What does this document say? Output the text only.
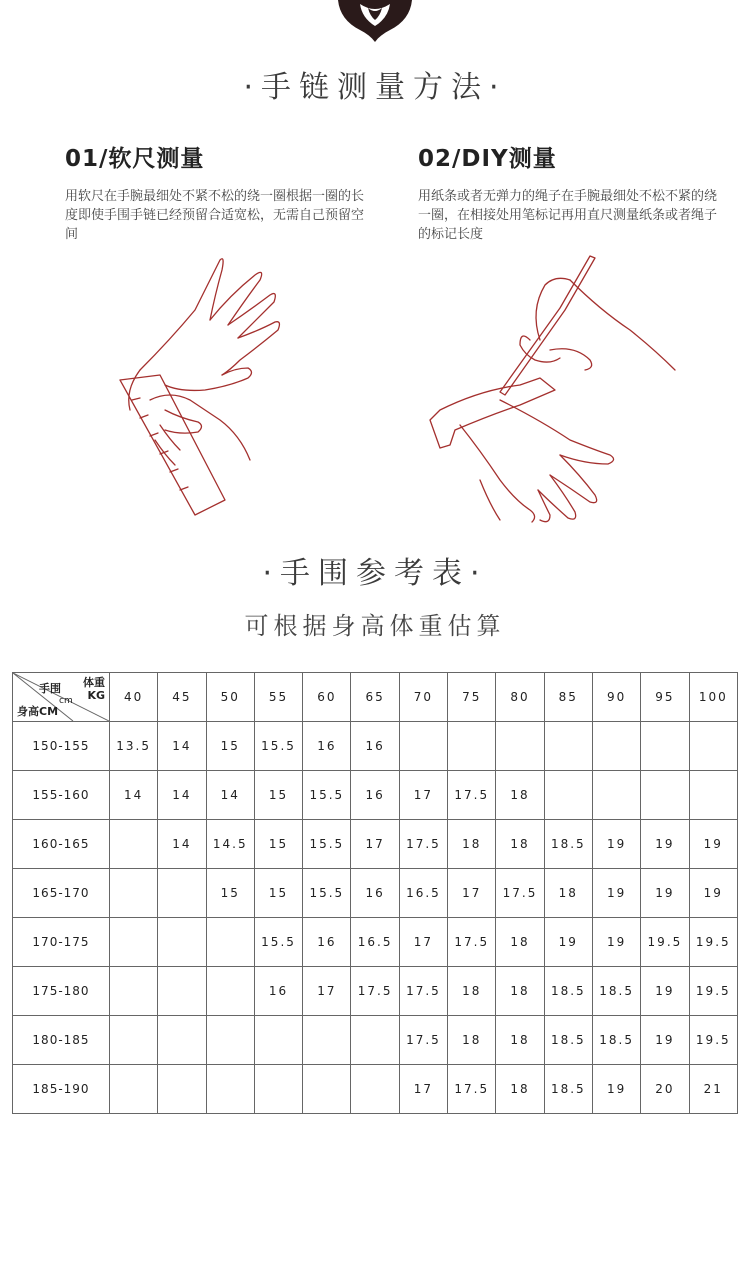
·手链测量方法·
01/软尺测量

用软尺在手腕最细处不紧不松的绕一圈根据一圈的长度即使手围手链已经预留合适宽松，无需自己预留空间

02/DIY测量

用纸条或者无弹力的绳子在手腕最细处不松不紧的绕一圈，在相接处用笔标记再用直尺测量纸条或者绳子的标记长度

·手围参考表·
可根据身高体重估算
体重
KG
手围
cm
身高CM	40	45	50	55	60	65	70	75	80	85	90	95	100
150-155	13.5	14	15	15.5	16	16							
155-160	14	14	14	15	15.5	16	17	17.5	18				
160-165		14	14.5	15	15.5	17	17.5	18	18	18.5	19	19	19
165-170			15	15	15.5	16	16.5	17	17.5	18	19	19	19
170-175				15.5	16	16.5	17	17.5	18	19	19	19.5	19.5
175-180				16	17	17.5	17.5	18	18	18.5	18.5	19	19.5
180-185							17.5	18	18	18.5	18.5	19	19.5
185-190							17	17.5	18	18.5	19	20	21
